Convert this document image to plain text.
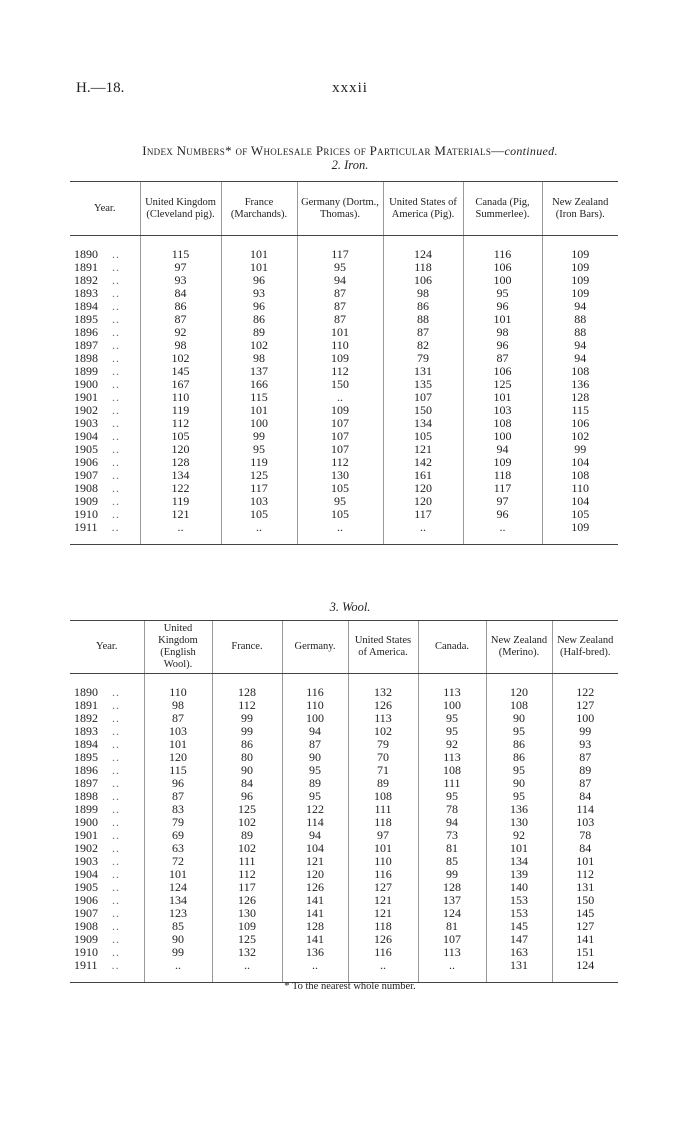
H.—18.	xxxii
Index Numbers* of Wholesale Prices of Particular Materials—continued.
2. Iron.
Year.	United Kingdom (Cleveland pig).	France (Marchands).	Germany (Dortm., Thomas).	United States of America (Pig).	Canada (Pig, Summerlee).	New Zealand (Iron Bars).

1890 ..	115	101	117	124	116	109
1891 ..	97	101	95	118	106	109
1892 ..	93	96	94	106	100	109
1893 ..	84	93	87	98	95	109
1894 ..	86	96	87	86	96	94
1895 ..	87	86	87	88	101	88
1896 ..	92	89	101	87	98	88
1897 ..	98	102	110	82	96	94
1898 ..	102	98	109	79	87	94
1899 ..	145	137	112	131	106	108
1900 ..	167	166	150	135	125	136
1901 ..	110	115	..	107	101	128
1902 ..	119	101	109	150	103	115
1903 ..	112	100	107	134	108	106
1904 ..	105	99	107	105	100	102
1905 ..	120	95	107	121	94	99
1906 ..	128	119	112	142	109	104
1907 ..	134	125	130	161	118	108
1908 ..	122	117	105	120	117	110
1909 ..	119	103	95	120	97	104
1910 ..	121	105	105	117	96	105
1911 ..	..	..	..	..	..	109

3. Wool.
Year.	United Kingdom (English Wool).	France.	Germany.	United States of America.	Canada.	New Zealand (Merino).	New Zealand (Half-bred).

1890 ..	110	128	116	132	113	120	122
1891 ..	98	112	110	126	100	108	127
1892 ..	87	99	100	113	95	90	100
1893 ..	103	99	94	102	95	95	99
1894 ..	101	86	87	79	92	86	93
1895 ..	120	80	90	70	113	86	87
1896 ..	115	90	95	71	108	95	89
1897 ..	96	84	89	89	111	90	87
1898 ..	87	96	95	108	95	95	84
1899 ..	83	125	122	111	78	136	114
1900 ..	79	102	114	118	94	130	103
1901 ..	69	89	94	97	73	92	78
1902 ..	63	102	104	101	81	101	84
1903 ..	72	111	121	110	85	134	101
1904 ..	101	112	120	116	99	139	112
1905 ..	124	117	126	127	128	140	131
1906 ..	134	126	141	121	137	153	150
1907 ..	123	130	141	121	124	153	145
1908 ..	85	109	128	118	81	145	127
1909 ..	90	125	141	126	107	147	141
1910 ..	99	132	136	116	113	163	151
1911 ..	..	..	..	..	..	131	124

* To the nearest whole number.
